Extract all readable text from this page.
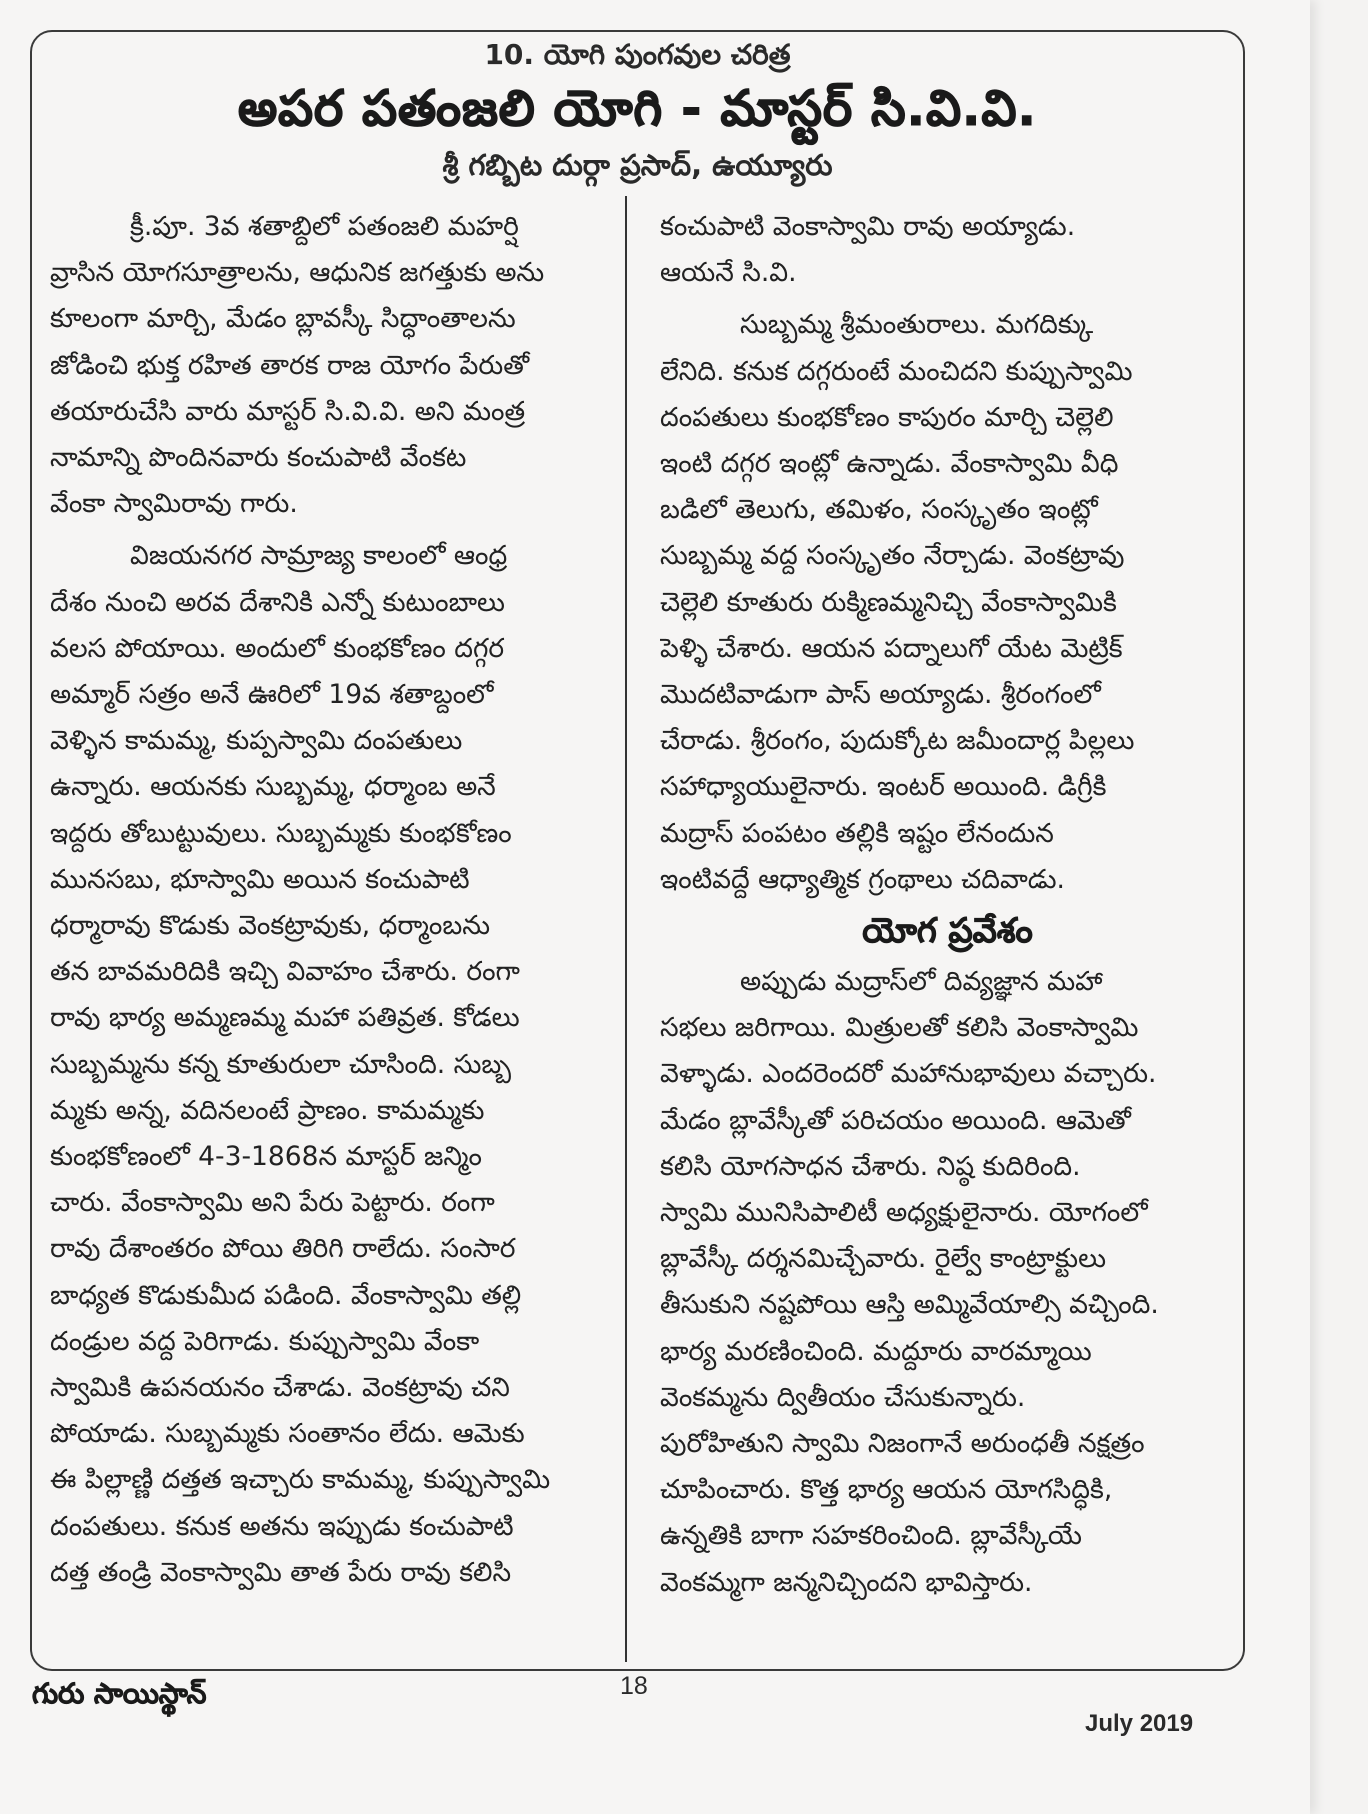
10. యోగి పుంగవుల చరిత్ర
అపర పతంజలి యోగి - మాస్టర్ సి.వి.వి.
శ్రీ గబ్బిట దుర్గా ప్రసాద్, ఉయ్యూరు

క్రీ.పూ. 3వ శతాబ్దిలో పతంజలి మహర్షి
వ్రాసిన యోగసూత్రాలను, ఆధునిక జగత్తుకు అను
కూలంగా మార్చి, మేడం బ్లావస్కీ సిద్ధాంతాలను
జోడించి భుక్త రహిత తారక రాజ యోగం పేరుతో
తయారుచేసి వారు మాస్టర్ సి.వి.వి. అని మంత్ర
నామాన్ని పొందినవారు కంచుపాటి వేంకట
వేంకా స్వామిరావు గారు.

విజయనగర సామ్రాజ్య కాలంలో ఆంధ్ర
దేశం నుంచి అరవ దేశానికి ఎన్నో కుటుంబాలు
వలస పోయాయి. అందులో కుంభకోణం దగ్గర
అమ్మార్ సత్రం అనే ఊరిలో 19వ శతాబ్దంలో
వెళ్ళిన కామమ్మ, కుప్పస్వామి దంపతులు
ఉన్నారు. ఆయనకు సుబ్బమ్మ, ధర్మాంబ అనే
ఇద్దరు తోబుట్టువులు. సుబ్బమ్మకు కుంభకోణం
మునసబు, భూస్వామి అయిన కంచుపాటి
ధర్మారావు కొడుకు వెంకట్రావుకు, ధర్మాంబను
తన బావమరిదికి ఇచ్చి వివాహం చేశారు. రంగా
రావు భార్య అమ్మణమ్మ మహా పతివ్రత. కోడలు
సుబ్బమ్మను కన్న కూతురులా చూసింది. సుబ్బ
మ్మకు అన్న, వదినలంటే ప్రాణం. కామమ్మకు
కుంభకోణంలో 4-3-1868న మాస్టర్ జన్మిం
చారు. వేంకాస్వామి అని పేరు పెట్టారు. రంగా
రావు దేశాంతరం పోయి తిరిగి రాలేదు. సంసార
బాధ్యత కొడుకుమీద పడింది. వేంకాస్వామి తల్లి
దండ్రుల వద్ద పెరిగాడు. కుప్పుస్వామి వేంకా
స్వామికి ఉపనయనం చేశాడు. వెంకట్రావు చని
పోయాడు. సుబ్బమ్మకు సంతానం లేదు. ఆమెకు
ఈ పిల్లాణ్ణి దత్తత ఇచ్చారు కామమ్మ, కుప్పుస్వామి
దంపతులు. కనుక అతను ఇప్పుడు కంచుపాటి
దత్త తండ్రి వెంకాస్వామి తాత పేరు రావు కలిసి

కంచుపాటి వెంకాస్వామి రావు అయ్యాడు.
ఆయనే సి.వి.

సుబ్బమ్మ శ్రీమంతురాలు. మగదిక్కు
లేనిది. కనుక దగ్గరుంటే మంచిదని కుప్పుస్వామి
దంపతులు కుంభకోణం కాపురం మార్చి చెల్లెలి
ఇంటి దగ్గర ఇంట్లో ఉన్నాడు. వేంకాస్వామి వీధి
బడిలో తెలుగు, తమిళం, సంస్కృతం ఇంట్లో
సుబ్బమ్మ వద్ద సంస్కృతం నేర్చాడు. వెంకట్రావు
చెల్లెలి కూతురు రుక్మిణమ్మనిచ్చి వేంకాస్వామికి
పెళ్ళి చేశారు. ఆయన పద్నాలుగో యేట మెట్రిక్
మొదటివాడుగా పాస్ అయ్యాడు. శ్రీరంగంలో
చేరాడు. శ్రీరంగం, పుదుక్కోట జమీందార్ల పిల్లలు
సహాధ్యాయులైనారు. ఇంటర్ అయింది. డిగ్రీకి
మద్రాస్ పంపటం తల్లికి ఇష్టం లేనందున
ఇంటివద్దే ఆధ్యాత్మిక గ్రంథాలు చదివాడు.

యోగ ప్రవేశం

అప్పుడు మద్రాస్‌లో దివ్యజ్ఞాన మహా
సభలు జరిగాయి. మిత్రులతో కలిసి వెంకాస్వామి
వెళ్ళాడు. ఎందరెందరో మహానుభావులు వచ్చారు.
మేడం బ్లావేస్కీతో పరిచయం అయింది. ఆమెతో
కలిసి యోగసాధన చేశారు. నిష్ఠ కుదిరింది.
స్వామి మునిసిపాలిటీ అధ్యక్షులైనారు. యోగంలో
బ్లావేస్కీ దర్శనమిచ్చేవారు. రైల్వే కాంట్రాక్టులు
తీసుకుని నష్టపోయి ఆస్తి అమ్మివేయాల్సి వచ్చింది.
భార్య మరణించింది. మద్దూరు వారమ్మాయి
వెంకమ్మను ద్వితీయం చేసుకున్నారు.
పురోహితుని స్వామి నిజంగానే అరుంధతీ నక్షత్రం
చూపించారు. కొత్త భార్య ఆయన యోగసిద్ధికి,
ఉన్నతికి బాగా సహకరించింది. బ్లావేస్కీయే
వెంకమ్మగా జన్మనిచ్చిందని భావిస్తారు.

గురు సాయిస్థాన్	18
July 2019
